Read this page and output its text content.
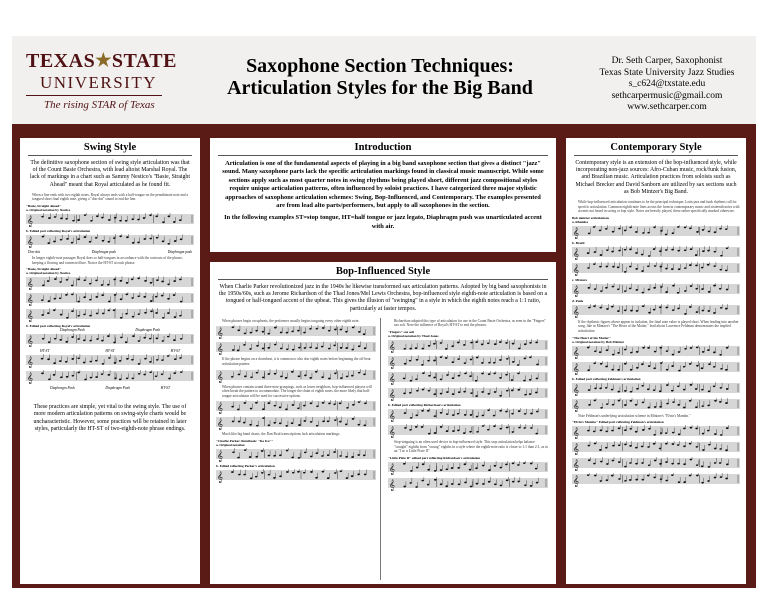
TEXAS★STATE
UNIVERSITY
The rising STAR of Texas
Saxophone Section Techniques:
Articulation Styles for the Big Band
Dr. Seth Carper, Saxophonist
Texas State University Jazz Studies
s_c624@txstate.edu
sethcarpermusic@gmail.com
www.sethcarper.com
Swing Style

The definitive saxophone section of swing style articulation was that of the Count Basie Orchestra, with lead altoist Marshal Royal. The lack of markings in a chart such as Sammy Nestico's "Basie, Straight Ahead" meant that Royal articulated as he found fit.

When a line ends with two eighth notes, Royal always ends with a half-tongue on the penultimate note and a tongued short final eighth note, giving a "doo-dat" sound to end the line.

"Basie, Straight Ahead"

a. Original notation by Nestico

𝄞

b. Edited part reflecting Royal's articulation

𝄞
Doo-dat	Diaphragm push	Diaphragm push

In longer eighth-note passages Royal does so half-tongues in accordance with the contours of the phrase, keeping a flowing and connected line. Notice the HT-ST at each phrase.

"Basie, Straight Ahead"

a. Original notation by Nestico

𝄞
𝄞
𝄞

b. Edited part reflecting Royal's articulation

Diaphragm Push	Diaphragm Push
𝄞
HT-ST	HT-ST	HT-ST
𝄞
𝄞
Diaphragm Push	Diaphragm Push	HT-ST

These practices are simple, yet vital to the swing style. The use of more modern articulation patterns on swing-style charts would be uncharacteristic. However, some practices will be retained in later styles, particularly the HT-ST of two-eighth-note phrase endings.

Introduction

Articulation is one of the fundamental aspects of playing in a big band saxophone section that gives a distinct "jazz" sound. Many saxophone parts lack the specific articulation markings found in classical music manuscript. While some sections apply such as most quarter notes in swing rhythms being played short, different jazz compositional styles require unique articulation patterns, often influenced by soloist practices. I have categorized three major stylistic approaches of saxophone articulation schemes: Swing, Bop-Influenced, and Contemporary. The examples presented are from lead alto parts/performers, but apply to all saxophones in the section.

In the following examples ST=stop tongue, HT=half tongue or jazz legato, Diaphragm push was unarticulated accent with air.

Bop-Influenced Style

When Charlie Parker revolutionized jazz in the 1940s he likewise transformed sax articulation patterns. Adopted by big band saxophonists in the 1950s/60s, such as Jerome Richardson of the Thad Jones/Mel Lewis Orchestra, bop-influenced style eighth-note articulation is based on a tongued or half-tongued accent of the upbeat. This gives the illusion of "swinging" in a style in which the eighth notes reach a 1:1 ratio, particularly at faster tempos.

When phrases begin on upbeats, the performer usually begins tonguing every other eighth note.

𝄞
𝄞

If the phrase begins on a downbeat, it is common to also slur eighth notes before beginning the off-beat articulation pattern.

𝄞

When phrases contain sound three-note groupings, such as lower neighbors, bop-influenced players will often break the pattern to accommodate. The longer the chain of eighth notes, the more likely that half-tongue articulation will be used for successive options.

𝄞
𝄞

Much like big band charts, the Dan Boul transcriptions lack articulation markings.

"Charlie Parker Omnibook: "Ko Ko""

a. Original notation

𝄞

b. Edited reflecting Parker's articulation

𝄞

Richardson adopted this type of articulation for use in the Count Basie Orchestra, as seen in the "Fingers" sax soli. Note the influence of Royal's HT-ST to end the phrases.

"Fingers" sax soli

a. Original notation by Thad Jones

𝄞
𝄞
𝄞
𝄞

b. Edited part reflecting Richardson's articulation

𝄞
𝄞

Stop-tonguing is an often used device in bop-influenced style. This stop articulation helps balance "straight" eighths from "swung" eighths in a style where the eighth-note ratio is closer to 1:1 than 2:1, as in an "I ac n Little Pixie II"

"Little Pixie II" edited part reflecting Richardson's articulation

𝄞
𝄞
Contemporary Style

Contemporary style is an extension of the bop-influenced style, while incorporating non-jazz sources: Afro-Cuban music, rock/funk fusion, and Brazilian music. Articulation practices from soloists such as Michael Brecker and David Sanborn are utilized by sax sections such as Bob Mintzer's Big Band.

While bop-influenced articulation continues to be the principal technique, Latin jazz and funk rhythms call for specific articulation. Common eighth-note lines across the form in contemporary music and sixteenth notes with accents not heard in swing or bop style. Notes are heavily played, these rather specifically marked otherwise.

Bob mintzer articulations

a. Rhumba

𝄞

b. Brazil

𝄞
𝄞

c. Mixture

𝄞

d. Funk

𝄞

If the rhythmic figures above appear in isolation, the final note value is played short. When leading into another song, like in Mintzer's "The Heart of the Matter," lead altoist Lawrence Feldman demonstrates the implied articulation.

"The Heart of the Matter"

a. Original notation by Bob Mintzer

𝄞
𝄞

b. Edited part reflecting Feldman's articulation

𝄞
𝄞

Note Feldman's underlying articulation scheme in Mintzer's "Elvin's Mambo."

"Elvin's Mambo" Edited part reflecting Feldman's articulation

𝄞
𝄞
𝄞
𝄞
